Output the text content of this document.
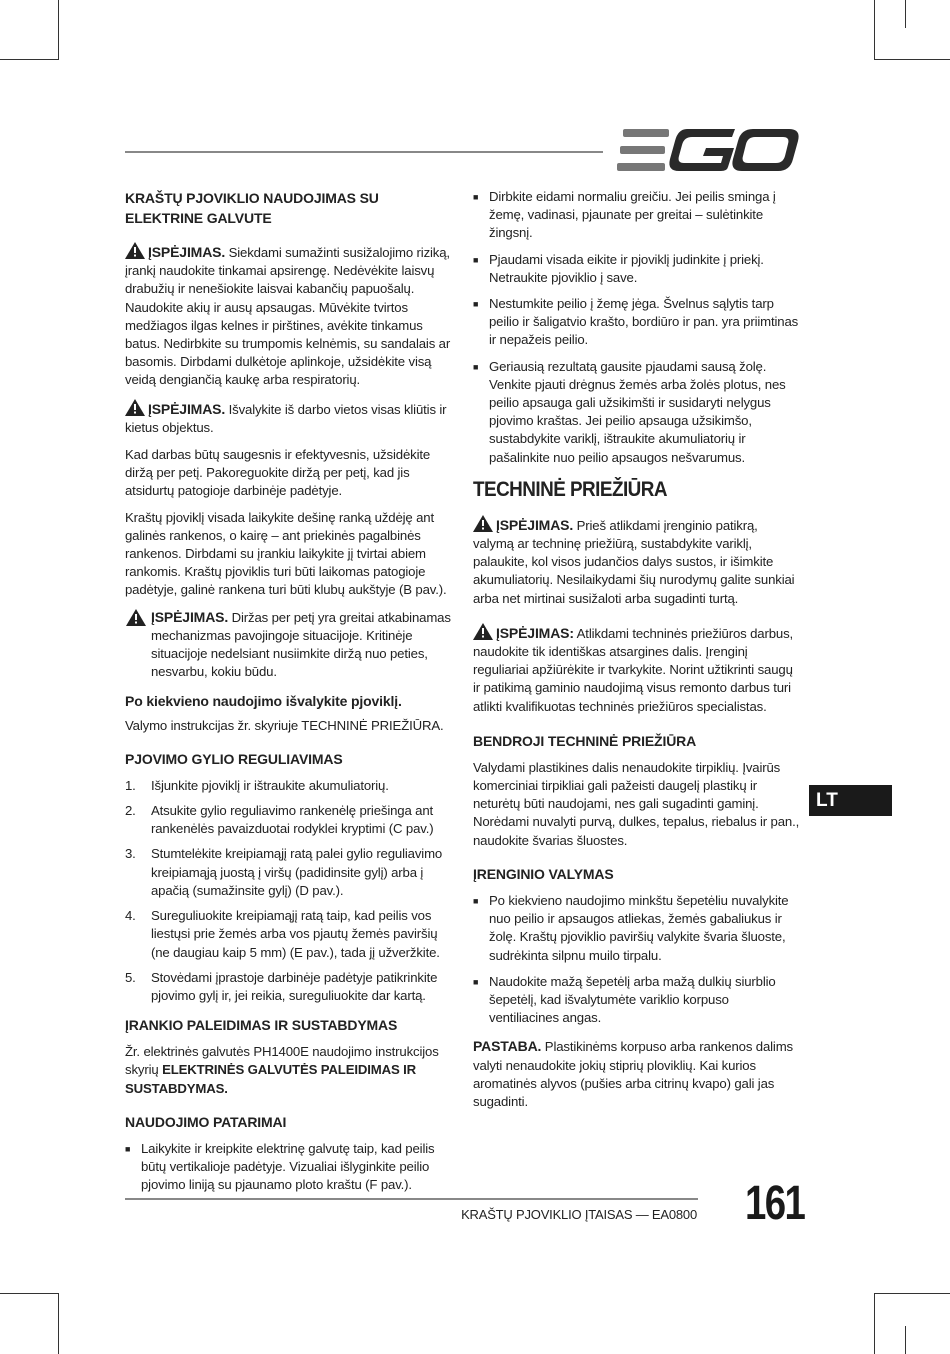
KRAŠTŲ PJOVIKLIO NAUDOJIMAS SU ELEKTRINE GALVUTE

ĮSPĖJIMAS. Siekdami sumažinti susižalojimo riziką, įrankį naudokite tinkamai apsirengę. Nedėvėkite laisvų drabužių ir nenešiokite laisvai kabančių papuošalų. Naudokite akių ir ausų apsaugas. Mūvėkite tvirtos medžiagos ilgas kelnes ir pirštines, avėkite tinkamus batus. Nedirbkite su trumpomis kelnėmis, su sandalais ar basomis. Dirbdami dulkėtoje aplinkoje, užsidėkite visą veidą dengiančią kaukę arba respiratorių.

ĮSPĖJIMAS. Išvalykite iš darbo vietos visas kliūtis ir kietus objektus.

Kad darbas būtų saugesnis ir efektyvesnis, užsidėkite diržą per petį. Pakoreguokite diržą per petį, kad jis atsidurtų patogioje darbinėje padėtyje.

Kraštų pjoviklį visada laikykite dešinę ranką uždėję ant galinės rankenos, o kairę – ant priekinės pagalbinės rankenos. Dirbdami su įrankiu laikykite jį tvirtai abiem rankomis. Kraštų pjoviklis turi būti laikomas patogioje padėtyje, galinė rankena turi būti klubų aukštyje (B pav.).

ĮSPĖJIMAS. Diržas per petį yra greitai atkabinamas mechanizmas pavojingoje situacijoje. Kritinėje situacijoje nedelsiant nusiimkite diržą nuo peties, nesvarbu, kokiu būdu.
Po kiekvieno naudojimo išvalykite pjoviklį.

Valymo instrukcijas žr. skyriuje TECHNINĖ PRIEŽIŪRA.

PJOVIMO GYLIO REGULIAVIMAS
1.	Išjunkite pjoviklį ir ištraukite akumuliatorių.
2.	Atsukite gylio reguliavimo rankenėlę priešinga ant rankenėlės pavaizduotai rodyklei kryptimi (C pav.)
3.	Stumtelėkite kreipiamąjį ratą palei gylio reguliavimo kreipiamąją juostą į viršų (padidinsite gylį) arba į apačią (sumažinsite gylį) (D pav.).
4.	Sureguliuokite kreipiamąjį ratą taip, kad peilis vos liestųsi prie žemės arba vos pjautų žemės paviršių (ne daugiau kaip 5 mm) (E pav.), tada jį užveržkite.
5.	Stovėdami įprastoje darbinėje padėtyje patikrinkite pjovimo gylį ir, jei reikia, sureguliuokite dar kartą.
ĮRANKIO PALEIDIMAS IR SUSTABDYMAS

Žr. elektrinės galvutės PH1400E naudojimo instrukcijos skyrių ELEKTRINĖS GALVUTĖS PALEIDIMAS IR SUSTABDYMAS.

NAUDOJIMO PATARIMAI
■ Laikykite ir kreipkite elektrinę galvutę taip, kad peilis būtų vertikalioje padėtyje. Vizualiai išlyginkite peilio pjovimo liniją su pjaunamo ploto kraštu (F pav.).
■ Dirbkite eidami normaliu greičiu. Jei peilis sminga į žemę, vadinasi, pjaunate per greitai – sulėtinkite žingsnį.
■ Pjaudami visada eikite ir pjoviklį judinkite į priekį. Netraukite pjoviklio į save.
■ Nestumkite peilio į žemę jėga. Švelnus sąlytis tarp peilio ir šaligatvio krašto, bordiūro ir pan. yra priimtinas ir nepažeis peilio.
■ Geriausią rezultatą gausite pjaudami sausą žolę. Venkite pjauti drėgnus žemės arba žolės plotus, nes peilio apsauga gali užsikimšti ir susidaryti nelygus pjovimo kraštas. Jei peilio apsauga užsikimšo, sustabdykite variklį, ištraukite akumuliatorių ir pašalinkite nuo peilio apsaugos nešvarumus.
TECHNINĖ PRIEŽIŪRA

ĮSPĖJIMAS. Prieš atlikdami įrenginio patikrą, valymą ar techninę priežiūrą, sustabdykite variklį, palaukite, kol visos judančios dalys sustos, ir išimkite akumuliatorių. Nesilaikydami šių nurodymų galite sunkiai arba net mirtinai susižaloti arba sugadinti turtą.

ĮSPĖJIMAS: Atlikdami techninės priežiūros darbus, naudokite tik identiškas atsargines dalis. Įrenginį reguliariai apžiūrėkite ir tvarkykite. Norint užtikrinti saugų ir patikimą gaminio naudojimą visus remonto darbus turi atlikti kvalifikuotas techninės priežiūros specialistas.

BENDROJI TECHNINĖ PRIEŽIŪRA

Valydami plastikines dalis nenaudokite tirpiklių. Įvairūs komerciniai tirpikliai gali pažeisti daugelį plastikų ir neturėtų būti naudojami, nes gali sugadinti gaminį. Norėdami nuvalyti purvą, dulkes, tepalus, riebalus ir pan., naudokite švarias šluostes.

ĮRENGINIO VALYMAS
■ Po kiekvieno naudojimo minkštu šepetėliu nuvalykite nuo peilio ir apsaugos atliekas, žemės gabaliukus ir žolę. Kraštų pjoviklio paviršių valykite švaria šluoste, sudrėkinta silpnu muilo tirpalu.
■ Naudokite mažą šepetėlį arba mažą dulkių siurblio šepetėlį, kad išvalytumėte variklio korpuso ventiliacines angas.

PASTABA. Plastikinėms korpuso arba rankenos dalims valyti nenaudokite jokių stiprių ploviklių. Kai kurios aromatinės alyvos (pušies arba citrinų kvapo) gali jas sugadinti.

LT
KRAŠTŲ PJOVIKLIO ĮTAISAS — EA0800 161
